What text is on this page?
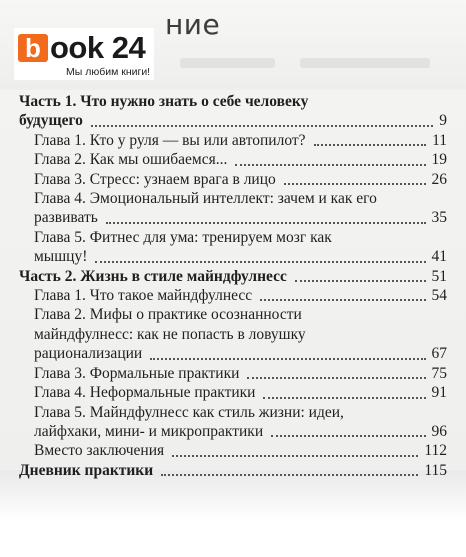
ние
b ook 24
Мы любим книги!
Часть 1. Что нужно знать о себе человеку
будущего	9
Глава 1. Кто у руля — вы или автопилот?	11
Глава 2. Как мы ошибаемся...	19
Глава 3. Стресс: узнаем врага в лицо	26
Глава 4. Эмоциональный интеллект: зачем и как его
развивать	35
Глава 5. Фитнес для ума: тренируем мозг как
мышцу!	41
Часть 2. Жизнь в стиле майндфулнесс	51
Глава 1. Что такое майндфулнесс	54
Глава 2. Мифы о практике осознанности
майндфулнесс: как не попасть в ловушку
рационализации	67
Глава 3. Формальные практики	75
Глава 4. Неформальные практики	91
Глава 5. Майндфулнесс как стиль жизни: идеи,
лайфхаки, мини- и микропрактики	96
Вместо заключения	112
Дневник практики	115
